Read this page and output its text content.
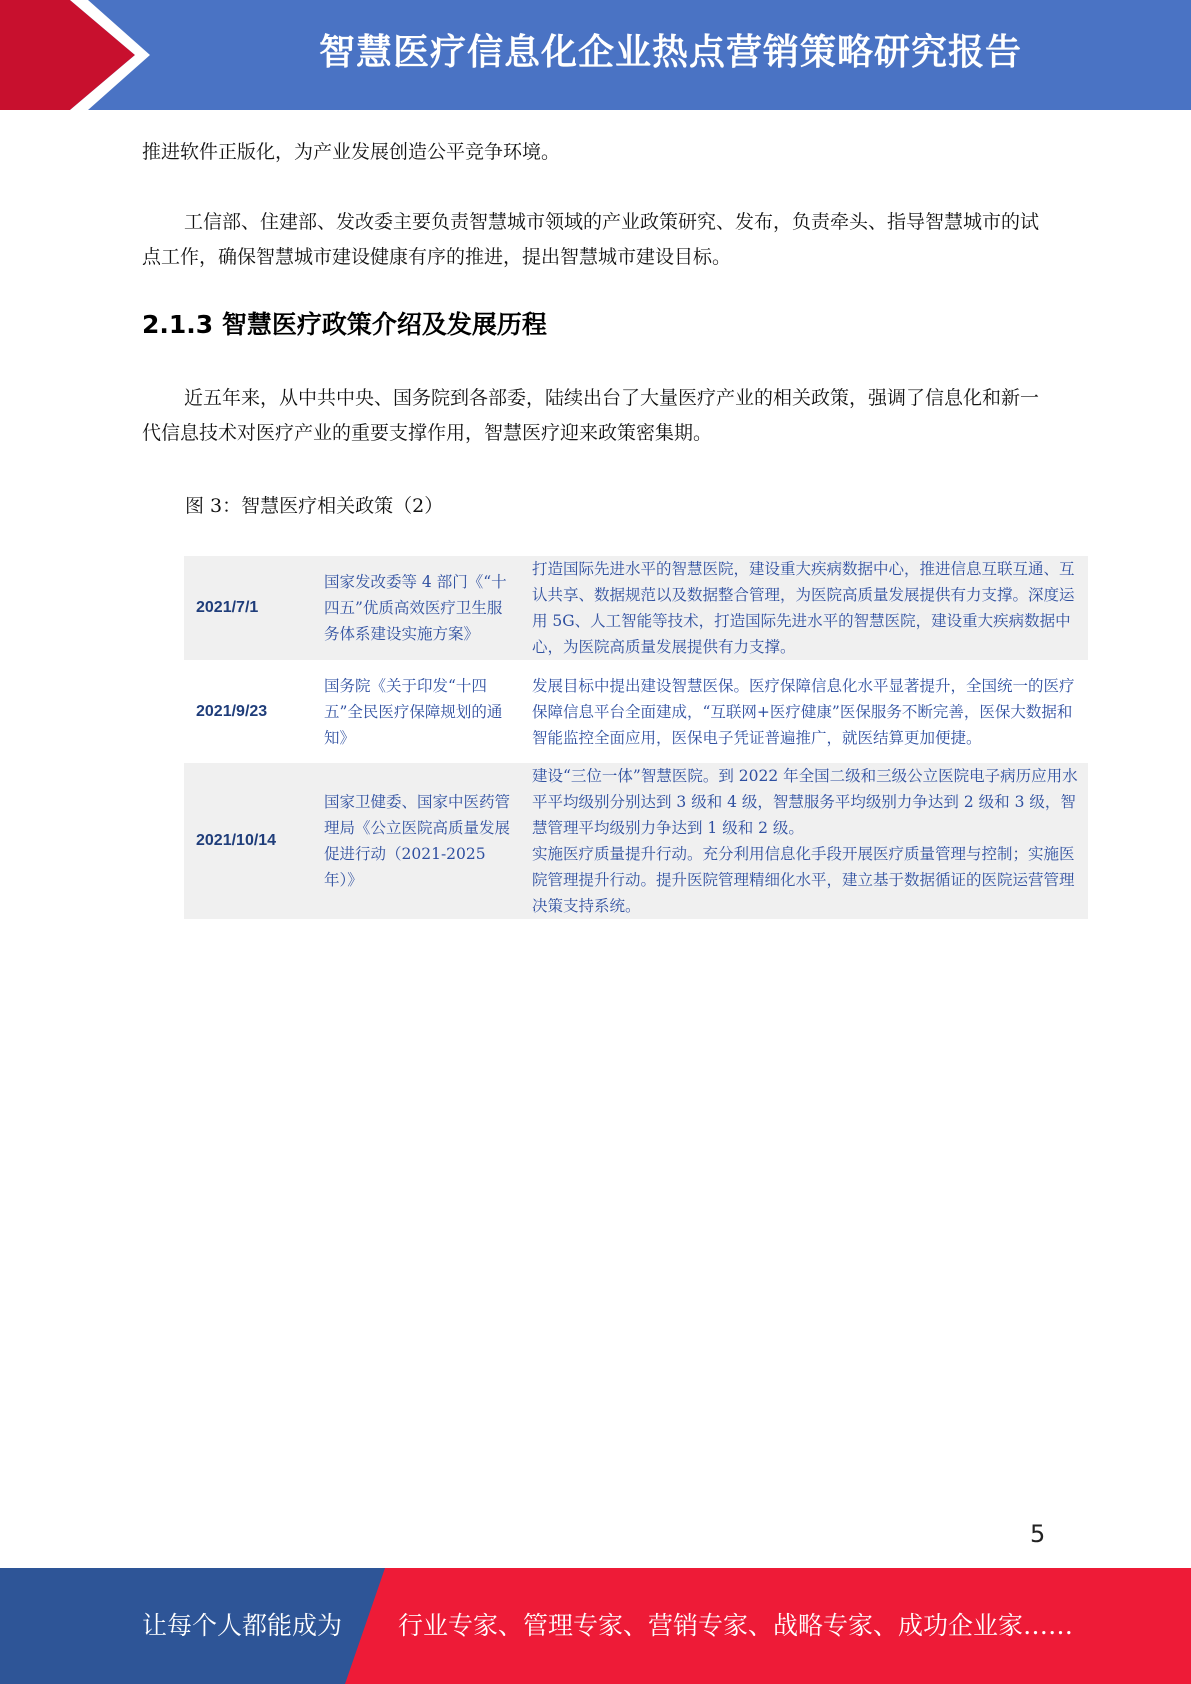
智慧医疗信息化企业热点营销策略研究报告

推进软件正版化，为产业发展创造公平竞争环境。

工信部、住建部、发改委主要负责智慧城市领域的产业政策研究、发布，负责牵头、指导智慧城市的试点工作，确保智慧城市建设健康有序的推进，提出智慧城市建设目标。

2.1.3 智慧医疗政策介绍及发展历程

近五年来，从中共中央、国务院到各部委，陆续出台了大量医疗产业的相关政策，强调了信息化和新一代信息技术对医疗产业的重要支撑作用，智慧医疗迎来政策密集期。

图 3：智慧医疗相关政策（2）

2021/7/1	国家发改委等 4 部门《“十四五”优质高效医疗卫生服务体系建设实施方案》	打造国际先进水平的智慧医院，建设重大疾病数据中心，推进信息互联互通、互认共享、数据规范以及数据整合管理，为医院高质量发展提供有力支撑。深度运用 5G、人工智能等技术，打造国际先进水平的智慧医院，建设重大疾病数据中心，为医院高质量发展提供有力支撑。

2021/9/23	国务院《关于印发“十四五”全民医疗保障规划的通知》	发展目标中提出建设智慧医保。医疗保障信息化水平显著提升，全国统一的医疗保障信息平台全面建成，“互联网+医疗健康”医保服务不断完善，医保大数据和智能监控全面应用，医保电子凭证普遍推广，就医结算更加便捷。

2021/10/14	国家卫健委、国家中医药管理局《公立医院高质量发展促进行动（2021-2025 年）》	建设“三位一体”智慧医院。到 2022 年全国二级和三级公立医院电子病历应用水平平均级别分别达到 3 级和 4 级，智慧服务平均级别力争达到 2 级和 3 级，智慧管理平均级别力争达到 1 级和 2 级。
实施医疗质量提升行动。充分利用信息化手段开展医疗质量管理与控制；实施医院管理提升行动。提升医院管理精细化水平，建立基于数据循证的医院运营管理决策支持系统。
5
让每个人都能成为 行业专家、管理专家、营销专家、战略专家、成功企业家……
